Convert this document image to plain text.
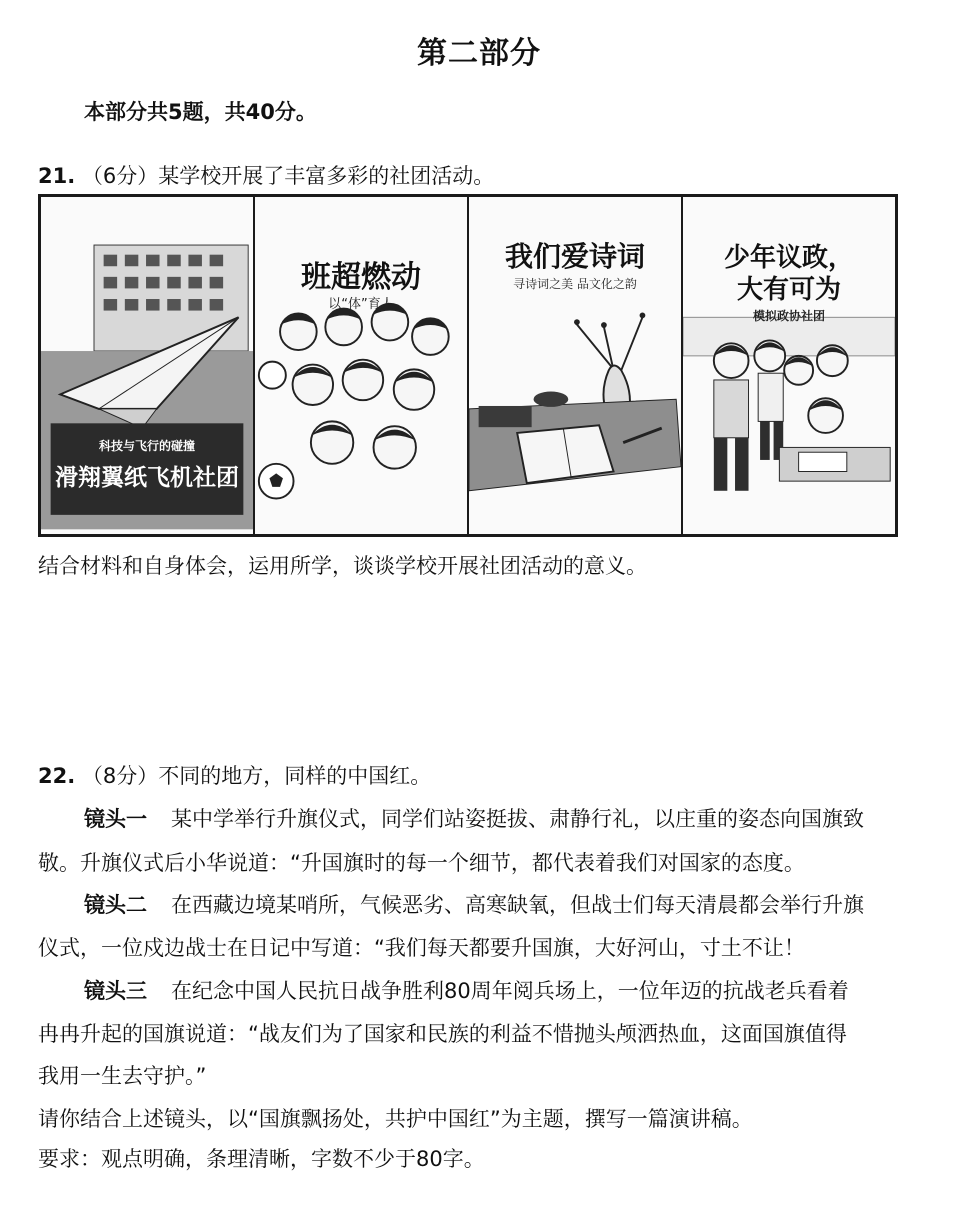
第二部分
本部分共5题，共40分。
21. （6分）某学校开展了丰富多彩的社团活动。
科技与飞行的碰撞
滑翔翼纸飞机社团
班超燃动
以“体”育人
我们爱诗词
寻诗词之美 品文化之韵
少年议政，
大有可为
模拟政协社团
结合材料和自身体会，运用所学，谈谈学校开展社团活动的意义。
22. （8分）不同的地方，同样的中国红。
镜头一 某中学举行升旗仪式，同学们站姿挺拔、肃静行礼，以庄重的姿态向国旗致
敬。升旗仪式后小华说道：“升国旗时的每一个细节，都代表着我们对国家的态度。
镜头二 在西藏边境某哨所，气候恶劣、高寒缺氧，但战士们每天清晨都会举行升旗
仪式，一位戍边战士在日记中写道：“我们每天都要升国旗，大好河山，寸土不让！
镜头三 在纪念中国人民抗日战争胜利80周年阅兵场上，一位年迈的抗战老兵看着
冉冉升起的国旗说道：“战友们为了国家和民族的利益不惜抛头颅洒热血，这面国旗值得
我用一生去守护。”
请你结合上述镜头，以“国旗飘扬处，共护中国红”为主题，撰写一篇演讲稿。
要求：观点明确，条理清晰，字数不少于80字。
